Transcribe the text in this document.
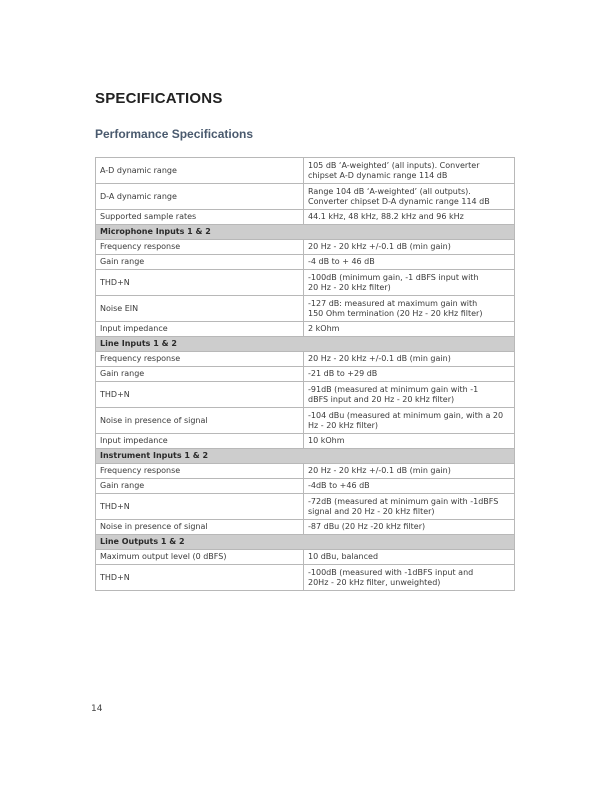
SPECIFICATIONS
Performance Specifications
A-D dynamic range	105 dB ‘A-weighted’ (all inputs). Converter
chipset A-D dynamic range 114 dB

D-A dynamic range	Range 104 dB ‘A-weighted’ (all outputs).
Converter chipset D-A dynamic range 114 dB

Supported sample rates	44.1 kHz, 48 kHz, 88.2 kHz and 96 kHz

Microphone Inputs 1 & 2	
Frequency response	20 Hz - 20 kHz +/-0.1 dB (min gain)

Gain range	-4 dB to + 46 dB

THD+N	-100dB (minimum gain, -1 dBFS input with
20 Hz - 20 kHz filter)

Noise EIN	-127 dB: measured at maximum gain with
150 Ohm termination (20 Hz - 20 kHz filter)

Input impedance	2 kOhm

Line Inputs 1 & 2	
Frequency response	20 Hz - 20 kHz +/-0.1 dB (min gain)

Gain range	-21 dB to +29 dB

THD+N	-91dB (measured at minimum gain with -1
dBFS input and 20 Hz - 20 kHz filter)

Noise in presence of signal	-104 dBu (measured at minimum gain, with a 20
Hz - 20 kHz filter)

Input impedance	10 kOhm

Instrument Inputs 1 & 2	
Frequency response	20 Hz - 20 kHz +/-0.1 dB (min gain)

Gain range	-4dB to +46 dB

THD+N	-72dB (measured at minimum gain with -1dBFS
signal and 20 Hz - 20 kHz filter)

Noise in presence of signal	-87 dBu (20 Hz -20 kHz filter)

Line Outputs 1 & 2	
Maximum output level (0 dBFS)	10 dBu, balanced

THD+N	-100dB (measured with -1dBFS input and
20Hz - 20 kHz filter, unweighted)
14
